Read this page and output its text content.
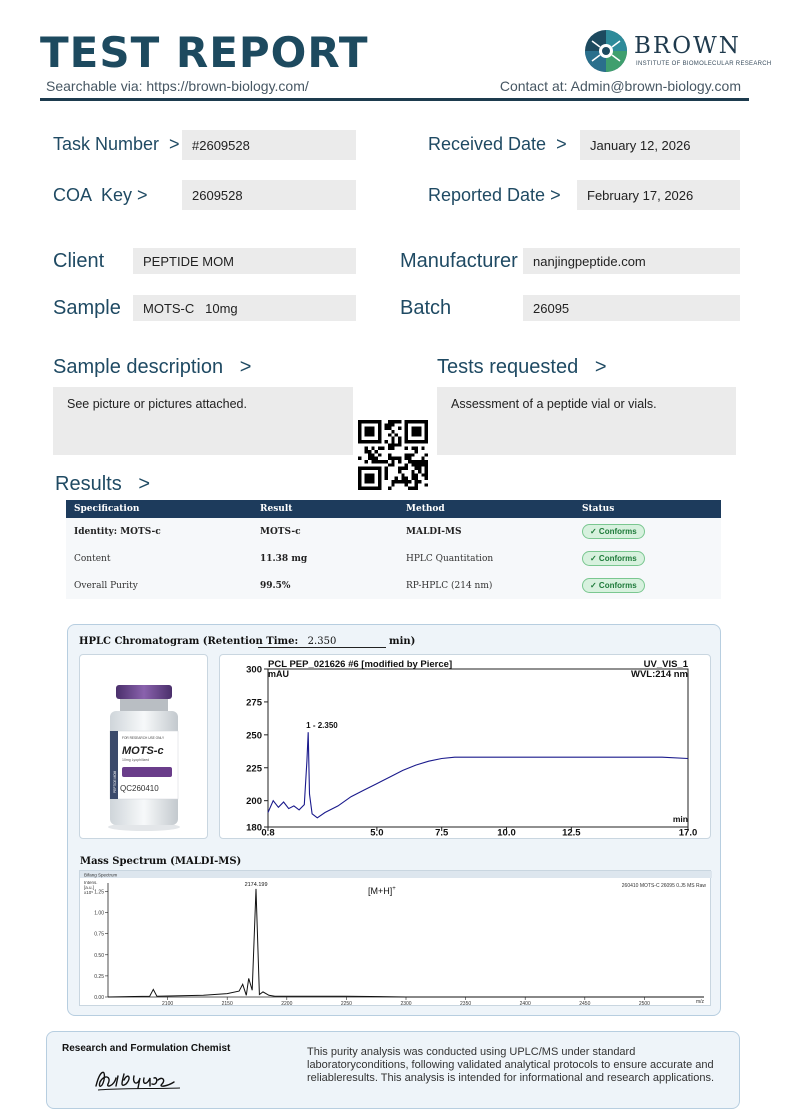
TEST REPORT	BROWN
INSTITUTE OF BIOMOLECULAR RESEARCH
Searchable via: https://brown-biology.com/	Contact at: Admin@brown-biology.com
Task Number  > #2609528
COA  Key >	2609528
Received Date  >	January 12, 2026
Reported Date >	February 17, 2026
Client	PEPTIDE MOM
Sample	MOTS-C   10mg
Manufacturer	nanjingpeptide.com
Batch	26095
Sample description   >
See picture or pictures attached.
Tests requested   >
Assessment of a peptide vial or vials.
Results   >
Specification	Result	Method	Status
Identity: MOTS-c	MOTS-c	MALDI-MS	✓ Conforms
Content	11.38 mg	HPLC Quantitation	✓ Conforms
Overall Purity	99.5%	RP-HPLC (214 nm)	✓ Conforms
HPLC Chromatogram (Retention Time: 2.350	min)
FOR RESEARCH USE ONLY
MOTS-c
10mg Lyophilized
QC260410
PEPTIDE MOM
PCL PEP_021626 #6 [modified by Pierce]	UV_VIS_1
WVL:214 nm
mAU
min
180
200
225
250
275
300
0.8	5.0	7.5	10.0	12.5	17.0
1 - 2.350
Mass Spectrum (MALDI-MS)
Bifang Spectrum
260410 MOTS-C 26095 0.J5 MS Raw
Intens.
[a.u.]
x10⁵	[M+H]+
m/z
0.00
0.25
0.50
0.75
1.00
1.25
2100	2150	2200	2250	2300	2350	2400	2450	2500
2174.199
Research and Formulation Chemist	This purity analysis was conducted using UPLC/MS under standard laboratoryconditions, following validated analytical protocols to ensure accurate and reliableresults. This analysis is intended for informational and research applications.
